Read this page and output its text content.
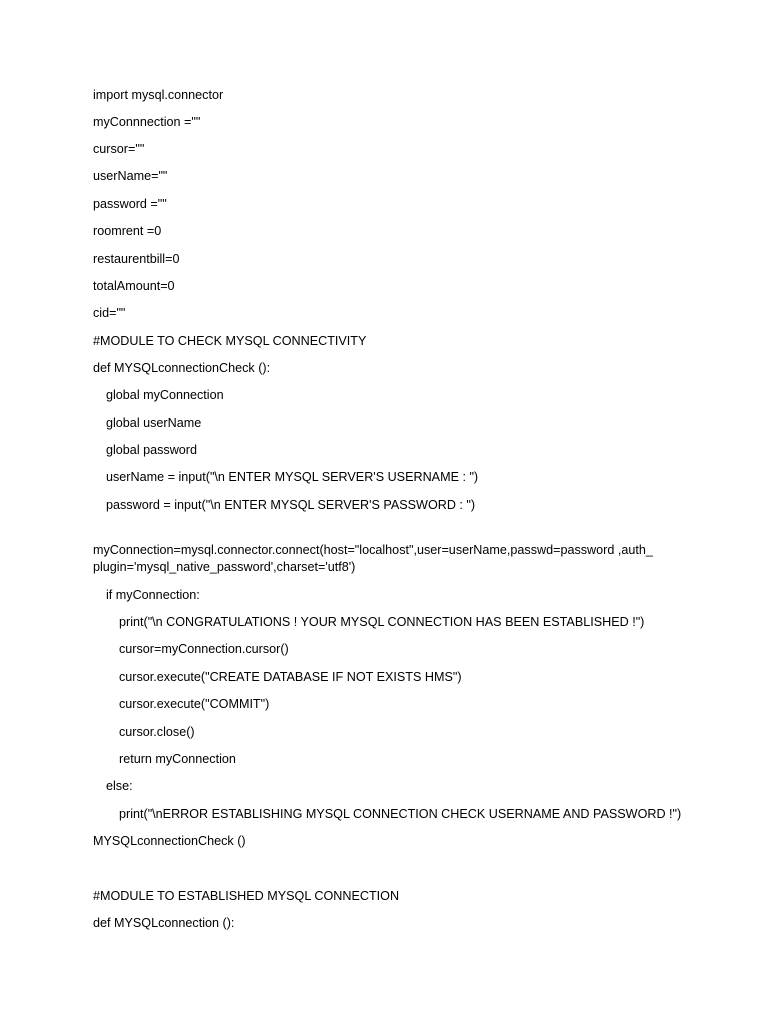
import mysql.connector
myConnnection =""
cursor=""
userName=""
password =""
roomrent =0
restaurentbill=0
totalAmount=0
cid=""
#MODULE TO CHECK MYSQL CONNECTIVITY
def MYSQLconnectionCheck ():
global myConnection
global userName
global password
userName = input("\n ENTER MYSQL SERVER'S USERNAME : ")
password = input("\n ENTER MYSQL SERVER'S PASSWORD : ")
myConnection=mysql.connector.connect(host="localhost",user=userName,passwd=password ,auth_
plugin='mysql_native_password',charset='utf8')
if myConnection:
print("\n CONGRATULATIONS ! YOUR MYSQL CONNECTION HAS BEEN ESTABLISHED !")
cursor=myConnection.cursor()
cursor.execute("CREATE DATABASE IF NOT EXISTS HMS")
cursor.execute("COMMIT")
cursor.close()
return myConnection
else:
print("\nERROR ESTABLISHING MYSQL CONNECTION CHECK USERNAME AND PASSWORD !")
MYSQLconnectionCheck ()
#MODULE TO ESTABLISHED MYSQL CONNECTION
def MYSQLconnection ():
